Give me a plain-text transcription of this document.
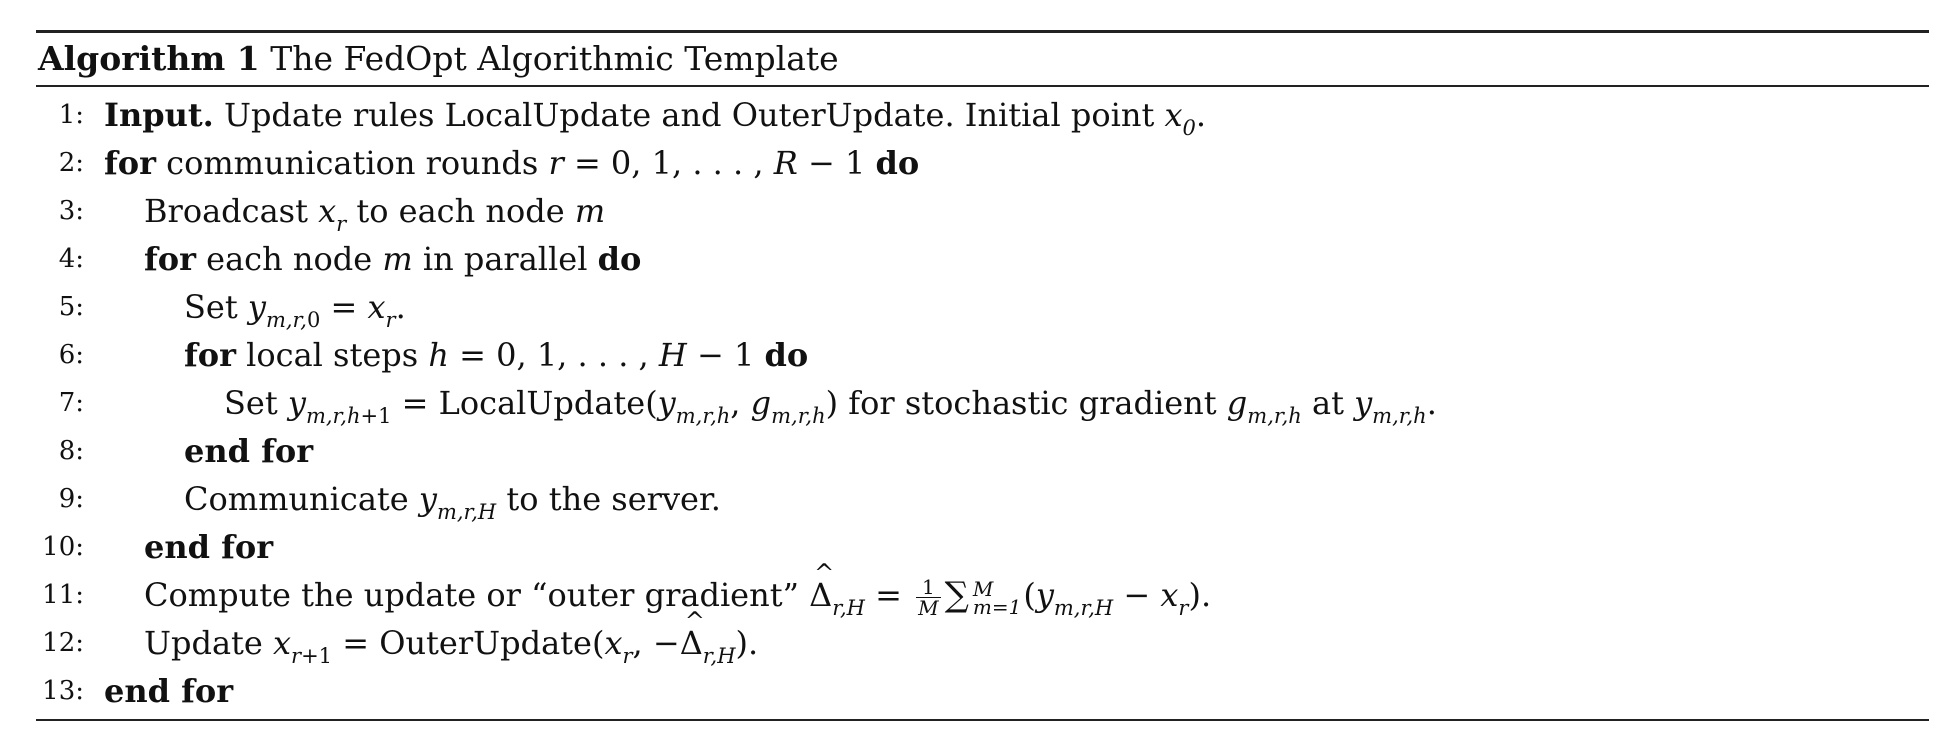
Algorithm 1 The FedOpt Algorithmic Template
1: Input. Update rules LocalUpdate and OuterUpdate. Initial point $x_0$.
2: for communication rounds r = 0, 1, . . . , R − 1 do
3: Broadcast $x_r$ to each node m
4: for each node m in parallel do
5:	Set $y_{m,r,0} = x_r$.
6:	for local steps h = 0, 1, . . . , H − 1 do
7:	Set $y_{m,r,h+1}$ = $LocalUpdate(y_{m,r,h}$, $g_{m,r,h}$) for stochastic gradient $g_{m,r,h}$ at $y_{m,r,h}$.
8:	end for
9:	Communicate $y_{m,r,H}$ to the server.
10: end for
11: Compute the update or “outer gradient” Δ $\^{}_{r,H} = \frac{1}{M}$ ∑ M
m=1 $(y_{m,r,H} - x_r)$.
12: Update $x_{r+1}$ = $OuterUpdate(x_r$, −Δ $\^{}_{r,H}$).
13: end for
